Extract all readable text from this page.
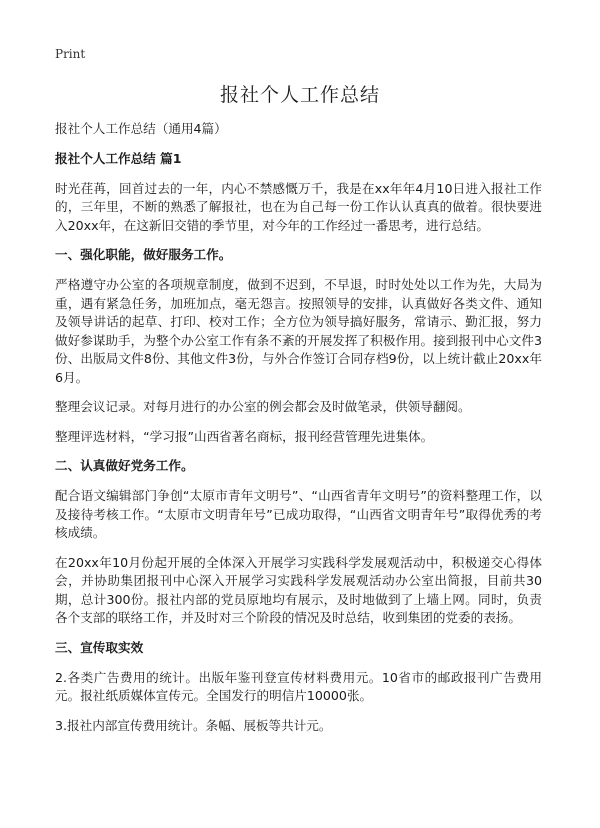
Print
报社个人工作总结

报社个人工作总结（通用4篇）

报社个人工作总结 篇1

时光荏苒，回首过去的一年，内心不禁感慨万千，我是在xx年年4月10日进入报社工作的，三年里，不断的熟悉了解报社，也在为自己每一份工作认认真真的做着。很快要进入20xx年，在这新旧交错的季节里，对今年的工作经过一番思考，进行总结。

一、强化职能，做好服务工作。

严格遵守办公室的各项规章制度，做到不迟到，不早退，时时处处以工作为先，大局为重，遇有紧急任务，加班加点，毫无怨言。按照领导的安排，认真做好各类文件、通知及领导讲话的起草、打印、校对工作；全方位为领导搞好服务，常请示、勤汇报，努力做好参谋助手，为整个办公室工作有条不紊的开展发挥了积极作用。接到报刊中心文件3份、出版局文件8份、其他文件3份，与外合作签订合同存档9份，以上统计截止20xx年6月。

整理会议记录。对每月进行的办公室的例会都会及时做笔录，供领导翻阅。

整理评选材料，“学习报”山西省著名商标，报刊经营管理先进集体。

二、认真做好党务工作。

配合语文编辑部门争创“太原市青年文明号”、“山西省青年文明号”的资料整理工作，以及接待考核工作。“太原市文明青年号”已成功取得，“山西省文明青年号”取得优秀的考核成绩。

在20xx年10月份起开展的全体深入开展学习实践科学发展观活动中，积极递交心得体会，并协助集团报刊中心深入开展学习实践科学发展观活动办公室出简报，目前共30期，总计300份。报社内部的党员原地均有展示，及时地做到了上墙上网。同时，负责各个支部的联络工作，并及时对三个阶段的情况及时总结，收到集团的党委的表扬。

三、宣传取实效

2.各类广告费用的统计。出版年鉴刊登宣传材料费用元。10省市的邮政报刊广告费用元。报社纸质媒体宣传元。全国发行的明信片10000张。

3.报社内部宣传费用统计。条幅、展板等共计元。
